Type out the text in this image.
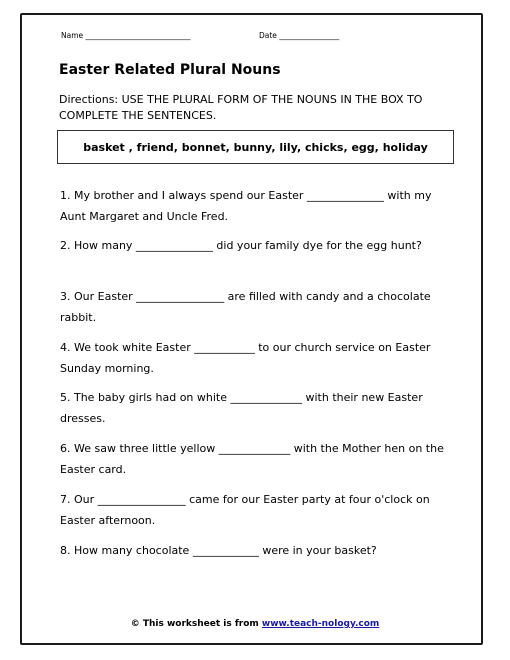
Name ____________________________	Date ________________
Easter Related Plural Nouns
Directions: USE THE PLURAL FORM OF THE NOUNS IN THE BOX TO COMPLETE THE SENTENCES.
basket , friend, bonnet, bunny, lily, chicks, egg, holiday
1. My brother and I always spend our Easter ______________ with my Aunt Margaret and Uncle Fred.
2. How many ______________ did your family dye for the egg hunt?
3. Our Easter ________________ are filled with candy and a chocolate rabbit.
4. We took white Easter ___________ to our church service on Easter Sunday morning.
5. The baby girls had on white _____________ with their new Easter dresses.
6. We saw three little yellow _____________ with the Mother hen on the Easter card.
7. Our ________________ came for our Easter party at four o'clock on Easter afternoon.
8. How many chocolate ____________ were in your basket?
© This worksheet is from www.teach-nology.com
